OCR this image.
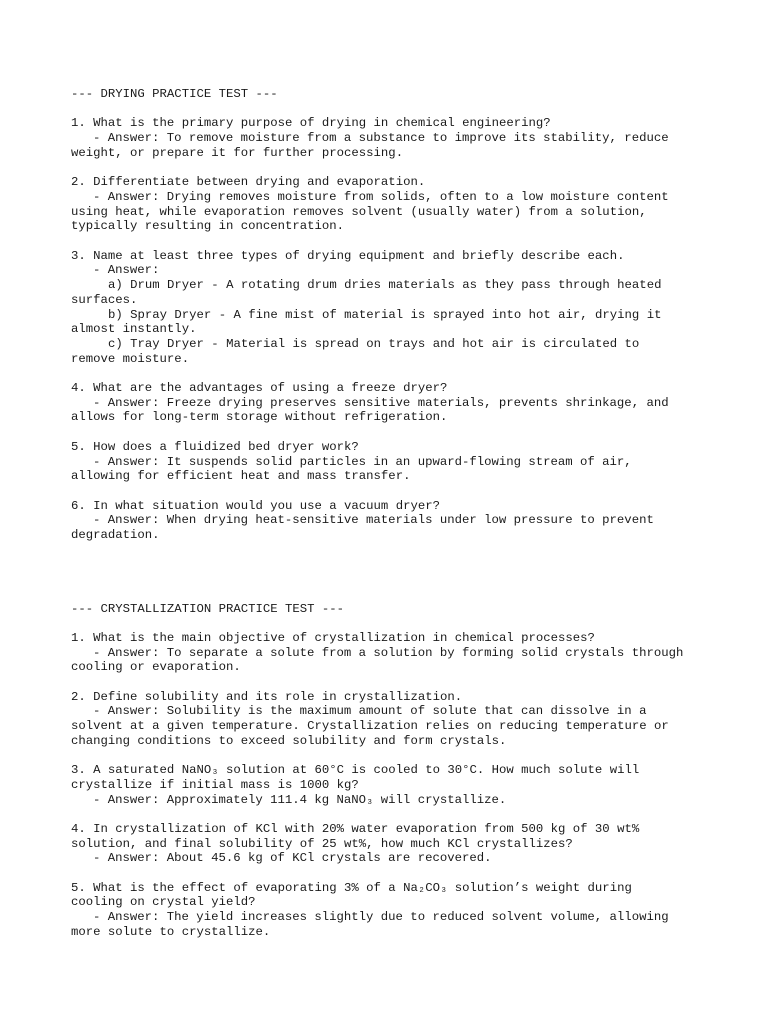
--- DRYING PRACTICE TEST ---
1. What is the primary purpose of drying in chemical engineering?
- Answer: To remove moisture from a substance to improve its stability, reduce
weight, or prepare it for further processing.
2. Differentiate between drying and evaporation.
- Answer: Drying removes moisture from solids, often to a low moisture content
using heat, while evaporation removes solvent (usually water) from a solution,
typically resulting in concentration.
3. Name at least three types of drying equipment and briefly describe each.
- Answer:
a) Drum Dryer - A rotating drum dries materials as they pass through heated
surfaces.
b) Spray Dryer - A fine mist of material is sprayed into hot air, drying it
almost instantly.
c) Tray Dryer - Material is spread on trays and hot air is circulated to
remove moisture.
4. What are the advantages of using a freeze dryer?
- Answer: Freeze drying preserves sensitive materials, prevents shrinkage, and
allows for long-term storage without refrigeration.
5. How does a fluidized bed dryer work?
- Answer: It suspends solid particles in an upward-flowing stream of air,
allowing for efficient heat and mass transfer.
6. In what situation would you use a vacuum dryer?
- Answer: When drying heat-sensitive materials under low pressure to prevent
degradation.
--- CRYSTALLIZATION PRACTICE TEST ---
1. What is the main objective of crystallization in chemical processes?
- Answer: To separate a solute from a solution by forming solid crystals through
cooling or evaporation.
2. Define solubility and its role in crystallization.
- Answer: Solubility is the maximum amount of solute that can dissolve in a
solvent at a given temperature. Crystallization relies on reducing temperature or
changing conditions to exceed solubility and form crystals.
3. A saturated NaNO₃ solution at 60°C is cooled to 30°C. How much solute will
crystallize if initial mass is 1000 kg?
- Answer: Approximately 111.4 kg NaNO₃ will crystallize.
4. In crystallization of KCl with 20% water evaporation from 500 kg of 30 wt%
solution, and final solubility of 25 wt%, how much KCl crystallizes?
- Answer: About 45.6 kg of KCl crystals are recovered.
5. What is the effect of evaporating 3% of a Na₂CO₃ solution’s weight during
cooling on crystal yield?
- Answer: The yield increases slightly due to reduced solvent volume, allowing
more solute to crystallize.
